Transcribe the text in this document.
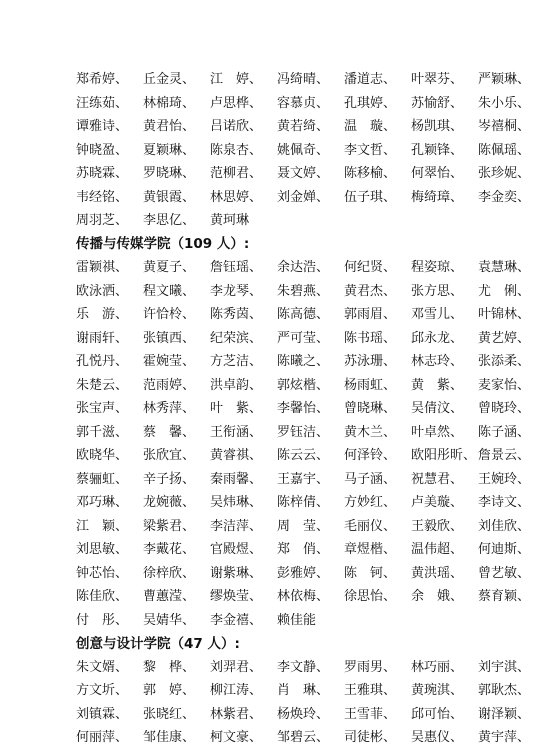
郑希婷、	丘金灵、	江　婷、	冯绮晴、	潘道志、	叶翠芬、	严颖琳、
汪练茹、	林棉琦、	卢思桦、	容慕贞、	孔琪婷、	苏愉舒、	朱小乐、
谭雅诗、	黄君怡、	吕诺欣、	黄若绮、	温　璇、	杨凯琪、	岑禧桐、
钟晓盈、	夏颖琳、	陈泉杏、	姚佩奇、	李文哲、	孔颖锋、	陈佩瑶、
苏晓霖、	罗晓琳、	范柳君、	聂文婷、	陈移榆、	何翠怡、	张珍妮、
韦经铭、	黄银霞、	林思婷、	刘金婵、	伍子琪、	梅绮璋、	李金奕、
周羽芝、	李思亿、	黄珂琳
传播与传媒学院（109 人）:
雷颖祺、	黄夏子、	詹钰瑶、	余达浩、	何纪贤、	程姿琼、	袁慧琳、
欧泳洒、	程文曦、	李龙琴、	朱碧燕、	黄君杰、	张方思、	尤　俐、
乐　游、	许恰柃、	陈秀茵、	陈高德、	郭雨眉、	邓雪儿、	叶锦林、
谢雨轩、	张镇西、	纪荣滨、	严可莹、	陈书瑶、	邱永龙、	黄艺婷、
孔悦丹、	霍婉莹、	方芝洁、	陈曦之、	苏泳珊、	林志玲、	张添柔、
朱楚云、	范雨婷、	洪卓韵、	郭炫楷、	杨雨虹、	黄　紫、	麦家怡、
张宝声、	林秀萍、	叶　紫、	李馨怡、	曾晓琳、	吴倩汶、	曾晓玲、
郭千滋、	蔡　馨、	王衔涵、	罗钰洁、	黄木兰、	叶卓然、	陈子涵、
欧晓华、	张欣宜、	黄睿祺、	陈云云、	何泽铃、	欧阳彤昕、 詹景云、
蔡骊虹、	辛子扬、	秦雨馨、	王嘉宇、	马子涵、	祝慧君、	王婉玲、
邓巧琳、	龙婉薇、	吴炜琳、	陈梓倩、	方妙红、	卢美璇、	李诗文、
江　颖、	梁紫君、	李洁萍、	周　莹、	毛丽仪、	王毅欣、	刘佳欣、
刘思敏、	李戴花、	官殿煜、	郑　俏、	章煜楷、	温伟超、	何迪斯、
钟芯怡、	徐梓欣、	谢紫琳、	彭雅婷、	陈　钶、	黄洪瑶、	曾艺敏、
陈佳欣、	曹蕙滢、	缪焕莹、	林依梅、	徐思怡、	余　娥、	蔡育颖、
付　彤、	吴婧华、	李金禧、	赖佳能
创意与设计学院（47 人）:
朱文婿、	黎　桦、	刘羿君、	李文静、	罗雨男、	林巧丽、	刘宇淇、
方文圻、	郭　婷、	柳江涛、	肖　琳、	王雅琪、	黄琬淇、	郭耿杰、
刘镇霖、	张晓红、	林紫君、	杨焕玲、	王雪菲、	邱可怡、	谢泽颖、
何丽萍、	邹佳康、	柯文豪、	邹碧云、	司徒彬、	吴惠仪、	黄宇萍、
